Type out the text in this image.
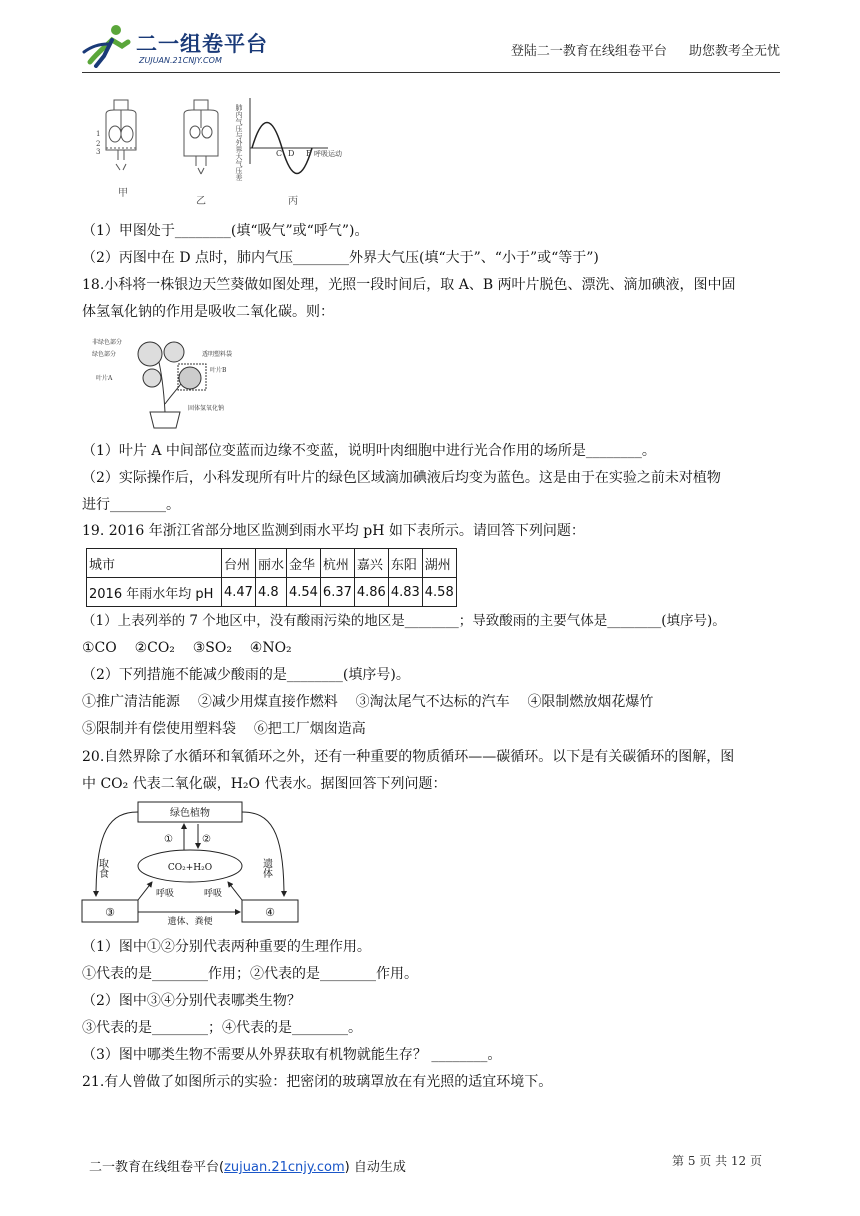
二一组卷平台
ZUJUAN.21CNJY.COM
登陆二一教育在线组卷平台 助您教考全无忧
1
2
3	肺内气压与外界大气压差	C D F 呼吸运动
甲
乙	丙
（1）甲图处于________(填“吸气”或“呼气”)。
（2）丙图中在 D 点时，肺内气压________外界大气压(填“大于”、“小于”或“等于”)
18.小科将一株银边天竺葵做如图处理，光照一段时间后，取 A、B 两叶片脱色、漂洗、滴加碘液，图中固
体氢氧化钠的作用是吸收二氧化碳。则：
非绿色部分
绿色部分
叶片A
透明塑料袋
叶片B
固体氢氧化钠
（1）叶片 A 中间部位变蓝而边缘不变蓝，说明叶肉细胞中进行光合作用的场所是________。
（2）实际操作后，小科发现所有叶片的绿色区域滴加碘液后均变为蓝色。这是由于在实验之前未对植物
进行________。
19. 2016 年浙江省部分地区监测到雨水平均 pH 如下表所示。请回答下列问题：
城市	台州	丽水	金华	杭州	嘉兴	东阳	湖州
2016 年雨水年均 pH	4.47	4.8	4.54	6.37	4.86	4.83	4.58
（1）上表列举的 7 个地区中，没有酸雨污染的地区是________；导致酸雨的主要气体是________(填序号)。
①CO ②CO₂ ③SO₂ ④NO₂
（2）下列措施不能减少酸雨的是________(填序号)。
①推广清洁能源 ②减少用煤直接作燃料 ③淘汰尾气不达标的汽车 ④限制燃放烟花爆竹
⑤限制并有偿使用塑料袋 ⑥把工厂烟囱造高
20.自然界除了水循环和氧循环之外，还有一种重要的物质循环——碳循环。以下是有关碳循环的图解，图
中 CO₂ 代表二氧化碳，H₂O 代表水。据图回答下列问题：
绿色植物
CO₂+H₂O
①	②
取食	遗体
③	④
呼吸	呼吸
遗体、粪便
（1）图中①②分别代表两种重要的生理作用。
①代表的是________作用；②代表的是________作用。
（2）图中③④分别代表哪类生物？
③代表的是________；④代表的是________。
（3）图中哪类生物不需要从外界获取有机物就能生存？ ________。
21.有人曾做了如图所示的实验：把密闭的玻璃罩放在有光照的适宜环境下。
二一教育在线组卷平台(zujuan.21cnjy.com) 自动生成	第 5 页 共 12 页
